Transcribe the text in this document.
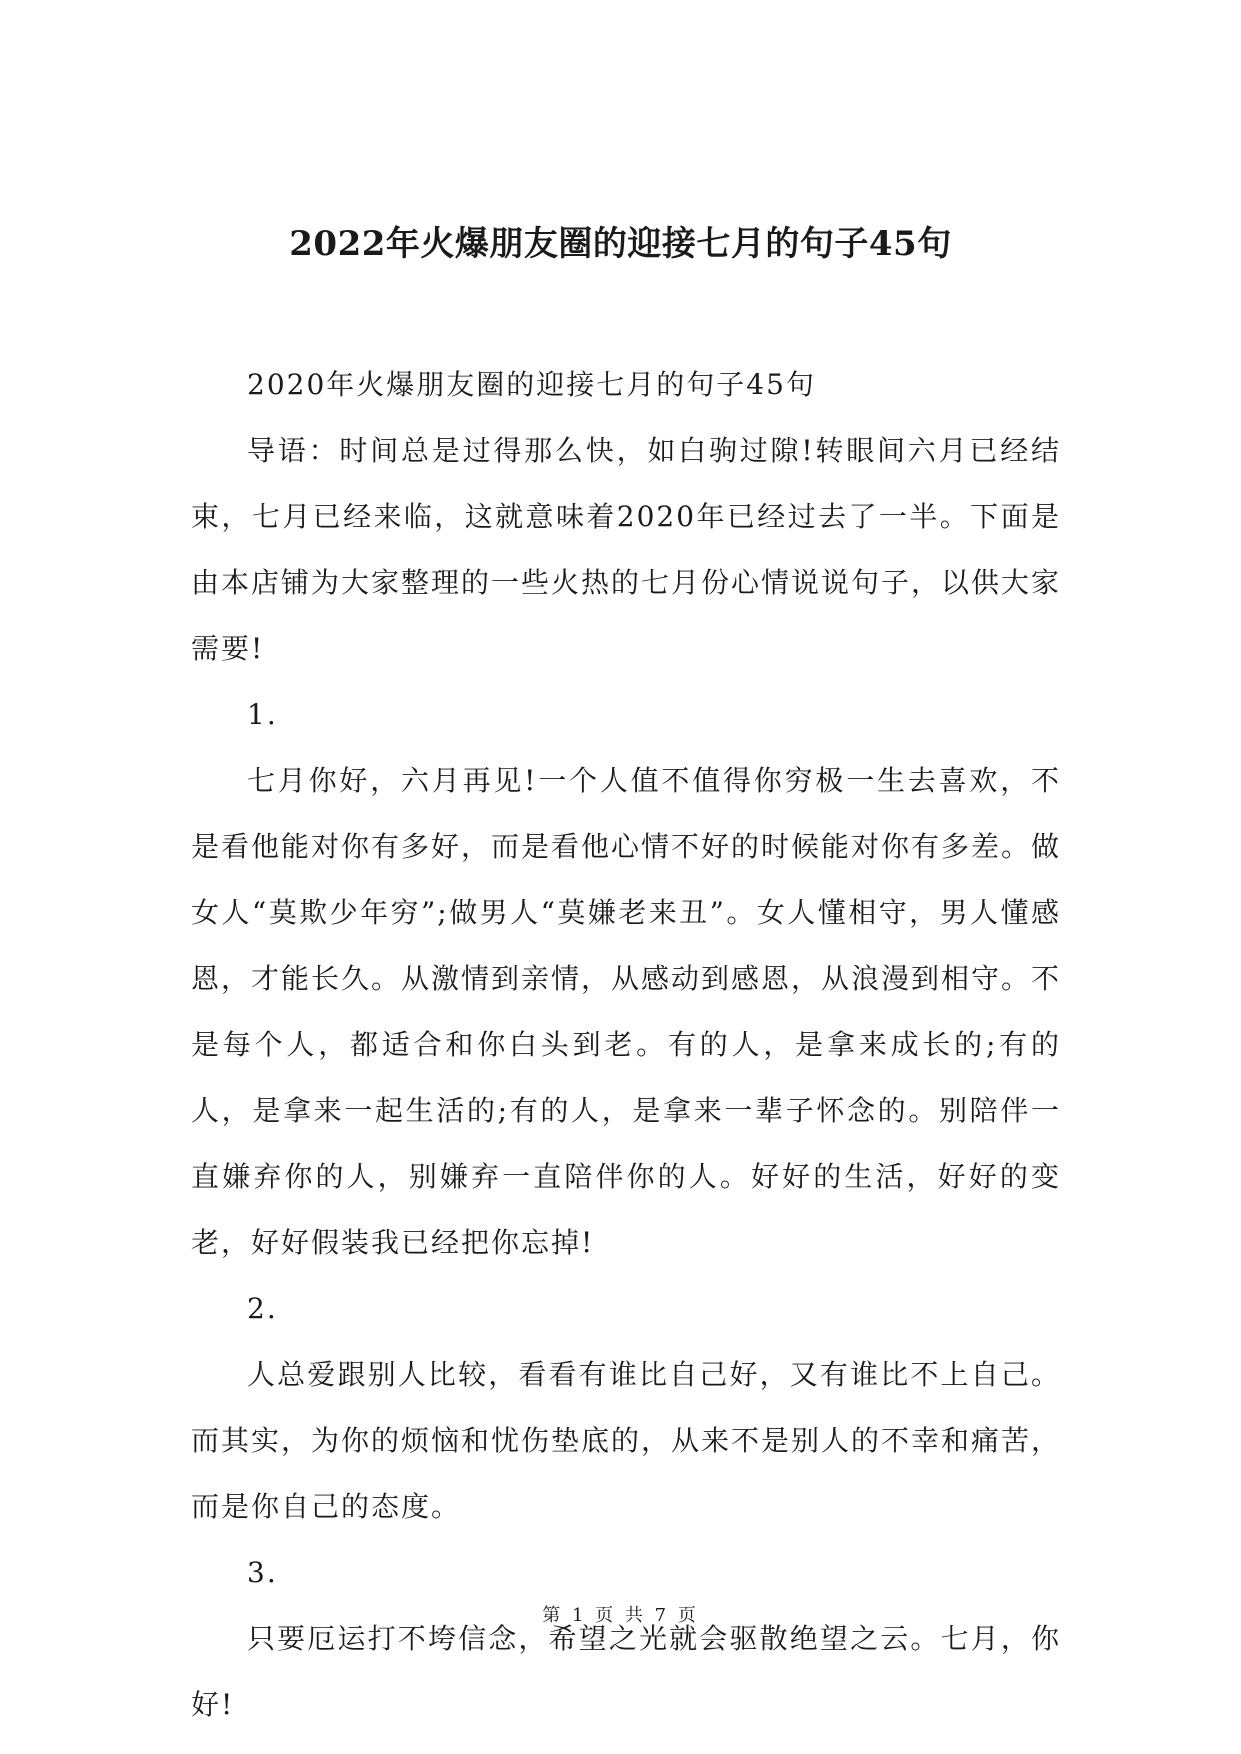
2022年火爆朋友圈的迎接七月的句子45句

2020年火爆朋友圈的迎接七月的句子45句

导语：时间总是过得那么快，如白驹过隙!转眼间六月已经结束，七月已经来临，这就意味着2020年已经过去了一半。下面是由本店铺为大家整理的一些火热的七月份心情说说句子，以供大家需要!

1.

七月你好，六月再见!一个人值不值得你穷极一生去喜欢，不是看他能对你有多好，而是看他心情不好的时候能对你有多差。做女人“莫欺少年穷”;做男人“莫嫌老来丑”。女人懂相守，男人懂感恩，才能长久。从激情到亲情，从感动到感恩，从浪漫到相守。不是每个人，都适合和你白头到老。有的人，是拿来成长的;有的人，是拿来一起生活的;有的人，是拿来一辈子怀念的。别陪伴一直嫌弃你的人，别嫌弃一直陪伴你的人。好好的生活，好好的变老，好好假装我已经把你忘掉!

2.

人总爱跟别人比较，看看有谁比自己好，又有谁比不上自己。而其实，为你的烦恼和忧伤垫底的，从来不是别人的不幸和痛苦，而是你自己的态度。

3.

只要厄运打不垮信念，希望之光就会驱散绝望之云。七月，你好!

第 1 页 共 7 页
